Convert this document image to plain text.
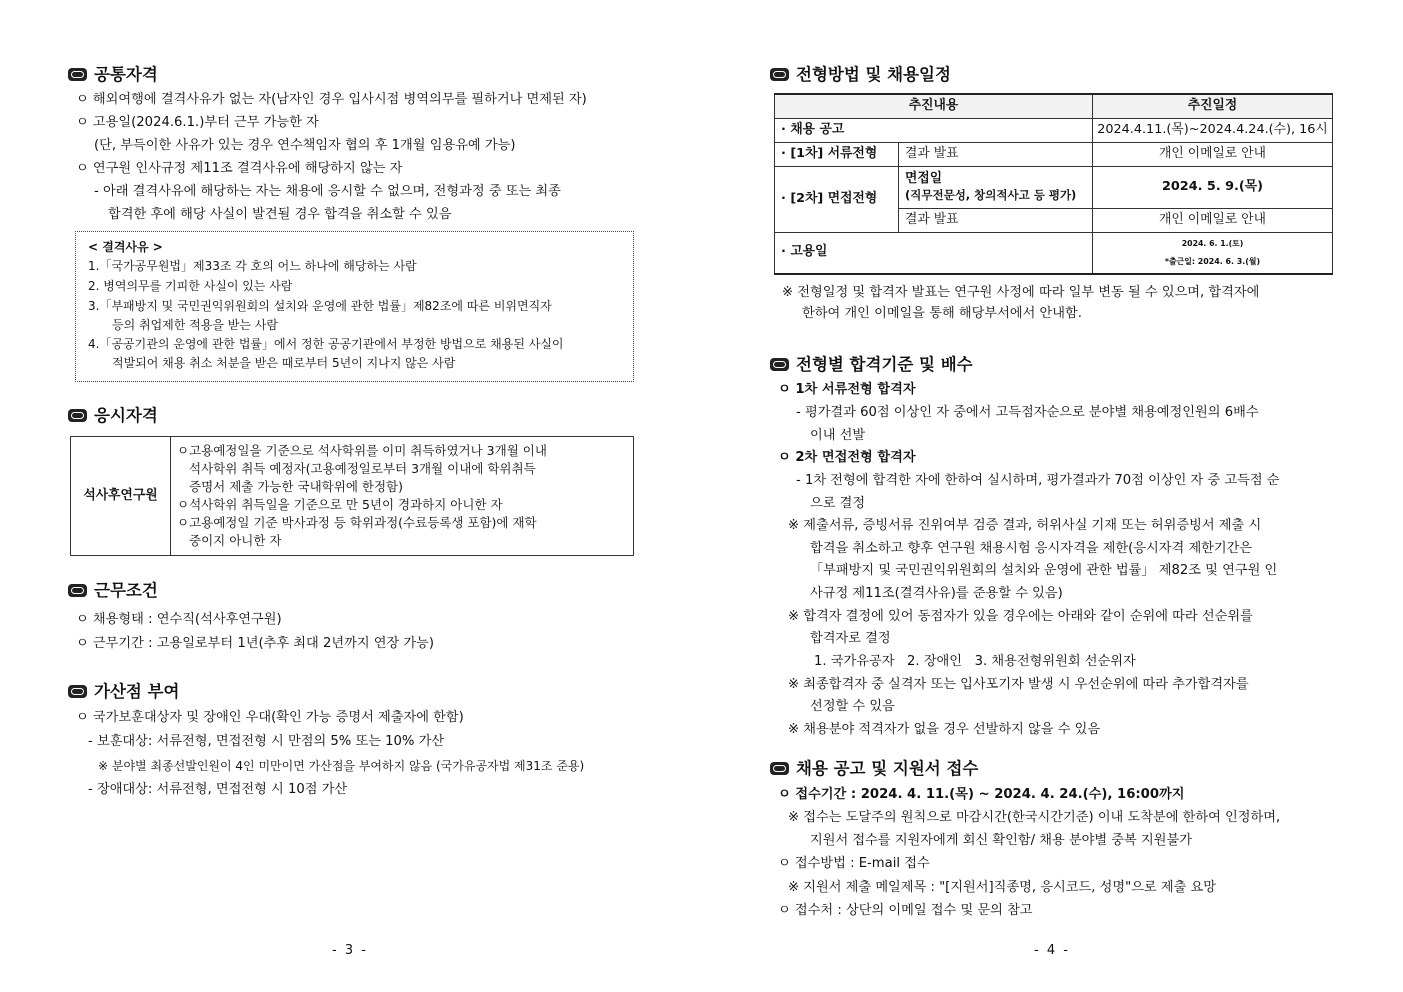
공통자격
ㅇ 해외여행에 결격사유가 없는 자(남자인 경우 입사시점 병역의무를 필하거나 면제된 자)
ㅇ 고용일(2024.6.1.)부터 근무 가능한 자
(단, 부득이한 사유가 있는 경우 연수책임자 협의 후 1개월 임용유예 가능)
ㅇ 연구원 인사규정 제11조 결격사유에 해당하지 않는 자
- 아래 결격사유에 해당하는 자는 채용에 응시할 수 없으며, 전형과정 중 또는 최종
합격한 후에 해당 사실이 발견될 경우 합격을 취소할 수 있음
< 결격사유 >
1.「국가공무원법」제33조 각 호의 어느 하나에 해당하는 사람
2. 병역의무를 기피한 사실이 있는 사람
3.「부패방지 및 국민권익위원회의 설치와 운영에 관한 법률」제82조에 따른 비위면직자
등의 취업제한 적용을 받는 사람
4.「공공기관의 운영에 관한 법률」에서 정한 공공기관에서 부정한 방법으로 채용된 사실이
적발되어 채용 취소 처분을 받은 때로부터 5년이 지나지 않은 사람
응시자격
석사후연구원	
ㅇ고용예정일을 기준으로 석사학위를 이미 취득하였거나 3개월 이내
석사학위 취득 예정자(고용예정일로부터 3개월 이내에 학위취득
증명서 제출 가능한 국내학위에 한정함)
ㅇ석사학위 취득일을 기준으로 만 5년이 경과하지 아니한 자
ㅇ고용예정일 기준 박사과정 등 학위과정(수료등록생 포함)에 재학
중이지 아니한 자
근무조건
ㅇ 채용형태 : 연수직(석사후연구원)
ㅇ 근무기간 : 고용일로부터 1년(추후 최대 2년까지 연장 가능)
가산점 부여
ㅇ 국가보훈대상자 및 장애인 우대(확인 가능 증명서 제출자에 한함)
- 보훈대상: 서류전형, 면접전형 시 만점의 5% 또는 10% 가산
※ 분야별 최종선발인원이 4인 미만이면 가산점을 부여하지 않음 (국가유공자법 제31조 준용)
- 장애대상: 서류전형, 면접전형 시 10점 가산
- 3 -
전형방법 및 채용일정
추진내용		추진일정
· 채용 공고		2024.4.11.(목)~2024.4.24.(수), 16시
· [1차] 서류전형	결과 발표	개인 이메일로 안내
· [2차] 면접전형	면접일
(직무전문성, 창의적사고 등 평가)	2024. 5. 9.(목)
	결과 발표	개인 이메일로 안내
· 고용일		2024. 6. 1.(토)
*출근일: 2024. 6. 3.(월)
※ 전형일정 및 합격자 발표는 연구원 사정에 따라 일부 변동 될 수 있으며, 합격자에
한하여 개인 이메일을 통해 해당부서에서 안내함.
전형별 합격기준 및 배수
ㅇ 1차 서류전형 합격자
- 평가결과 60점 이상인 자 중에서 고득점자순으로 분야별 채용예정인원의 6배수
이내 선발
ㅇ 2차 면접전형 합격자
- 1차 전형에 합격한 자에 한하여 실시하며, 평가결과가 70점 이상인 자 중 고득점 순
으로 결정
※ 제출서류, 증빙서류 진위여부 검증 결과, 허위사실 기재 또는 허위증빙서 제출 시
합격을 취소하고 향후 연구원 채용시험 응시자격을 제한(응시자격 제한기간은
「부패방지 및 국민권익위원회의 설치와 운영에 관한 법률」 제82조 및 연구원 인
사규정 제11조(결격사유)를 준용할 수 있음)
※ 합격자 결정에 있어 동점자가 있을 경우에는 아래와 같이 순위에 따라 선순위를
합격자로 결정
1. 국가유공자   2. 장애인   3. 채용전형위원회 선순위자
※ 최종합격자 중 실격자 또는 입사포기자 발생 시 우선순위에 따라 추가합격자를
선정할 수 있음
※ 채용분야 적격자가 없을 경우 선발하지 않을 수 있음
채용 공고 및 지원서 접수
ㅇ 접수기간 : 2024. 4. 11.(목) ~ 2024. 4. 24.(수), 16:00까지
※ 접수는 도달주의 원칙으로 마감시간(한국시간기준) 이내 도착분에 한하여 인정하며,
지원서 접수를 지원자에게 회신 확인함/ 채용 분야별 중복 지원불가
ㅇ 접수방법 : E-mail 접수
※ 지원서 제출 메일제목 : "[지원서]직종명, 응시코드, 성명"으로 제출 요망
ㅇ 접수처 : 상단의 이메일 접수 및 문의 참고
- 4 -
